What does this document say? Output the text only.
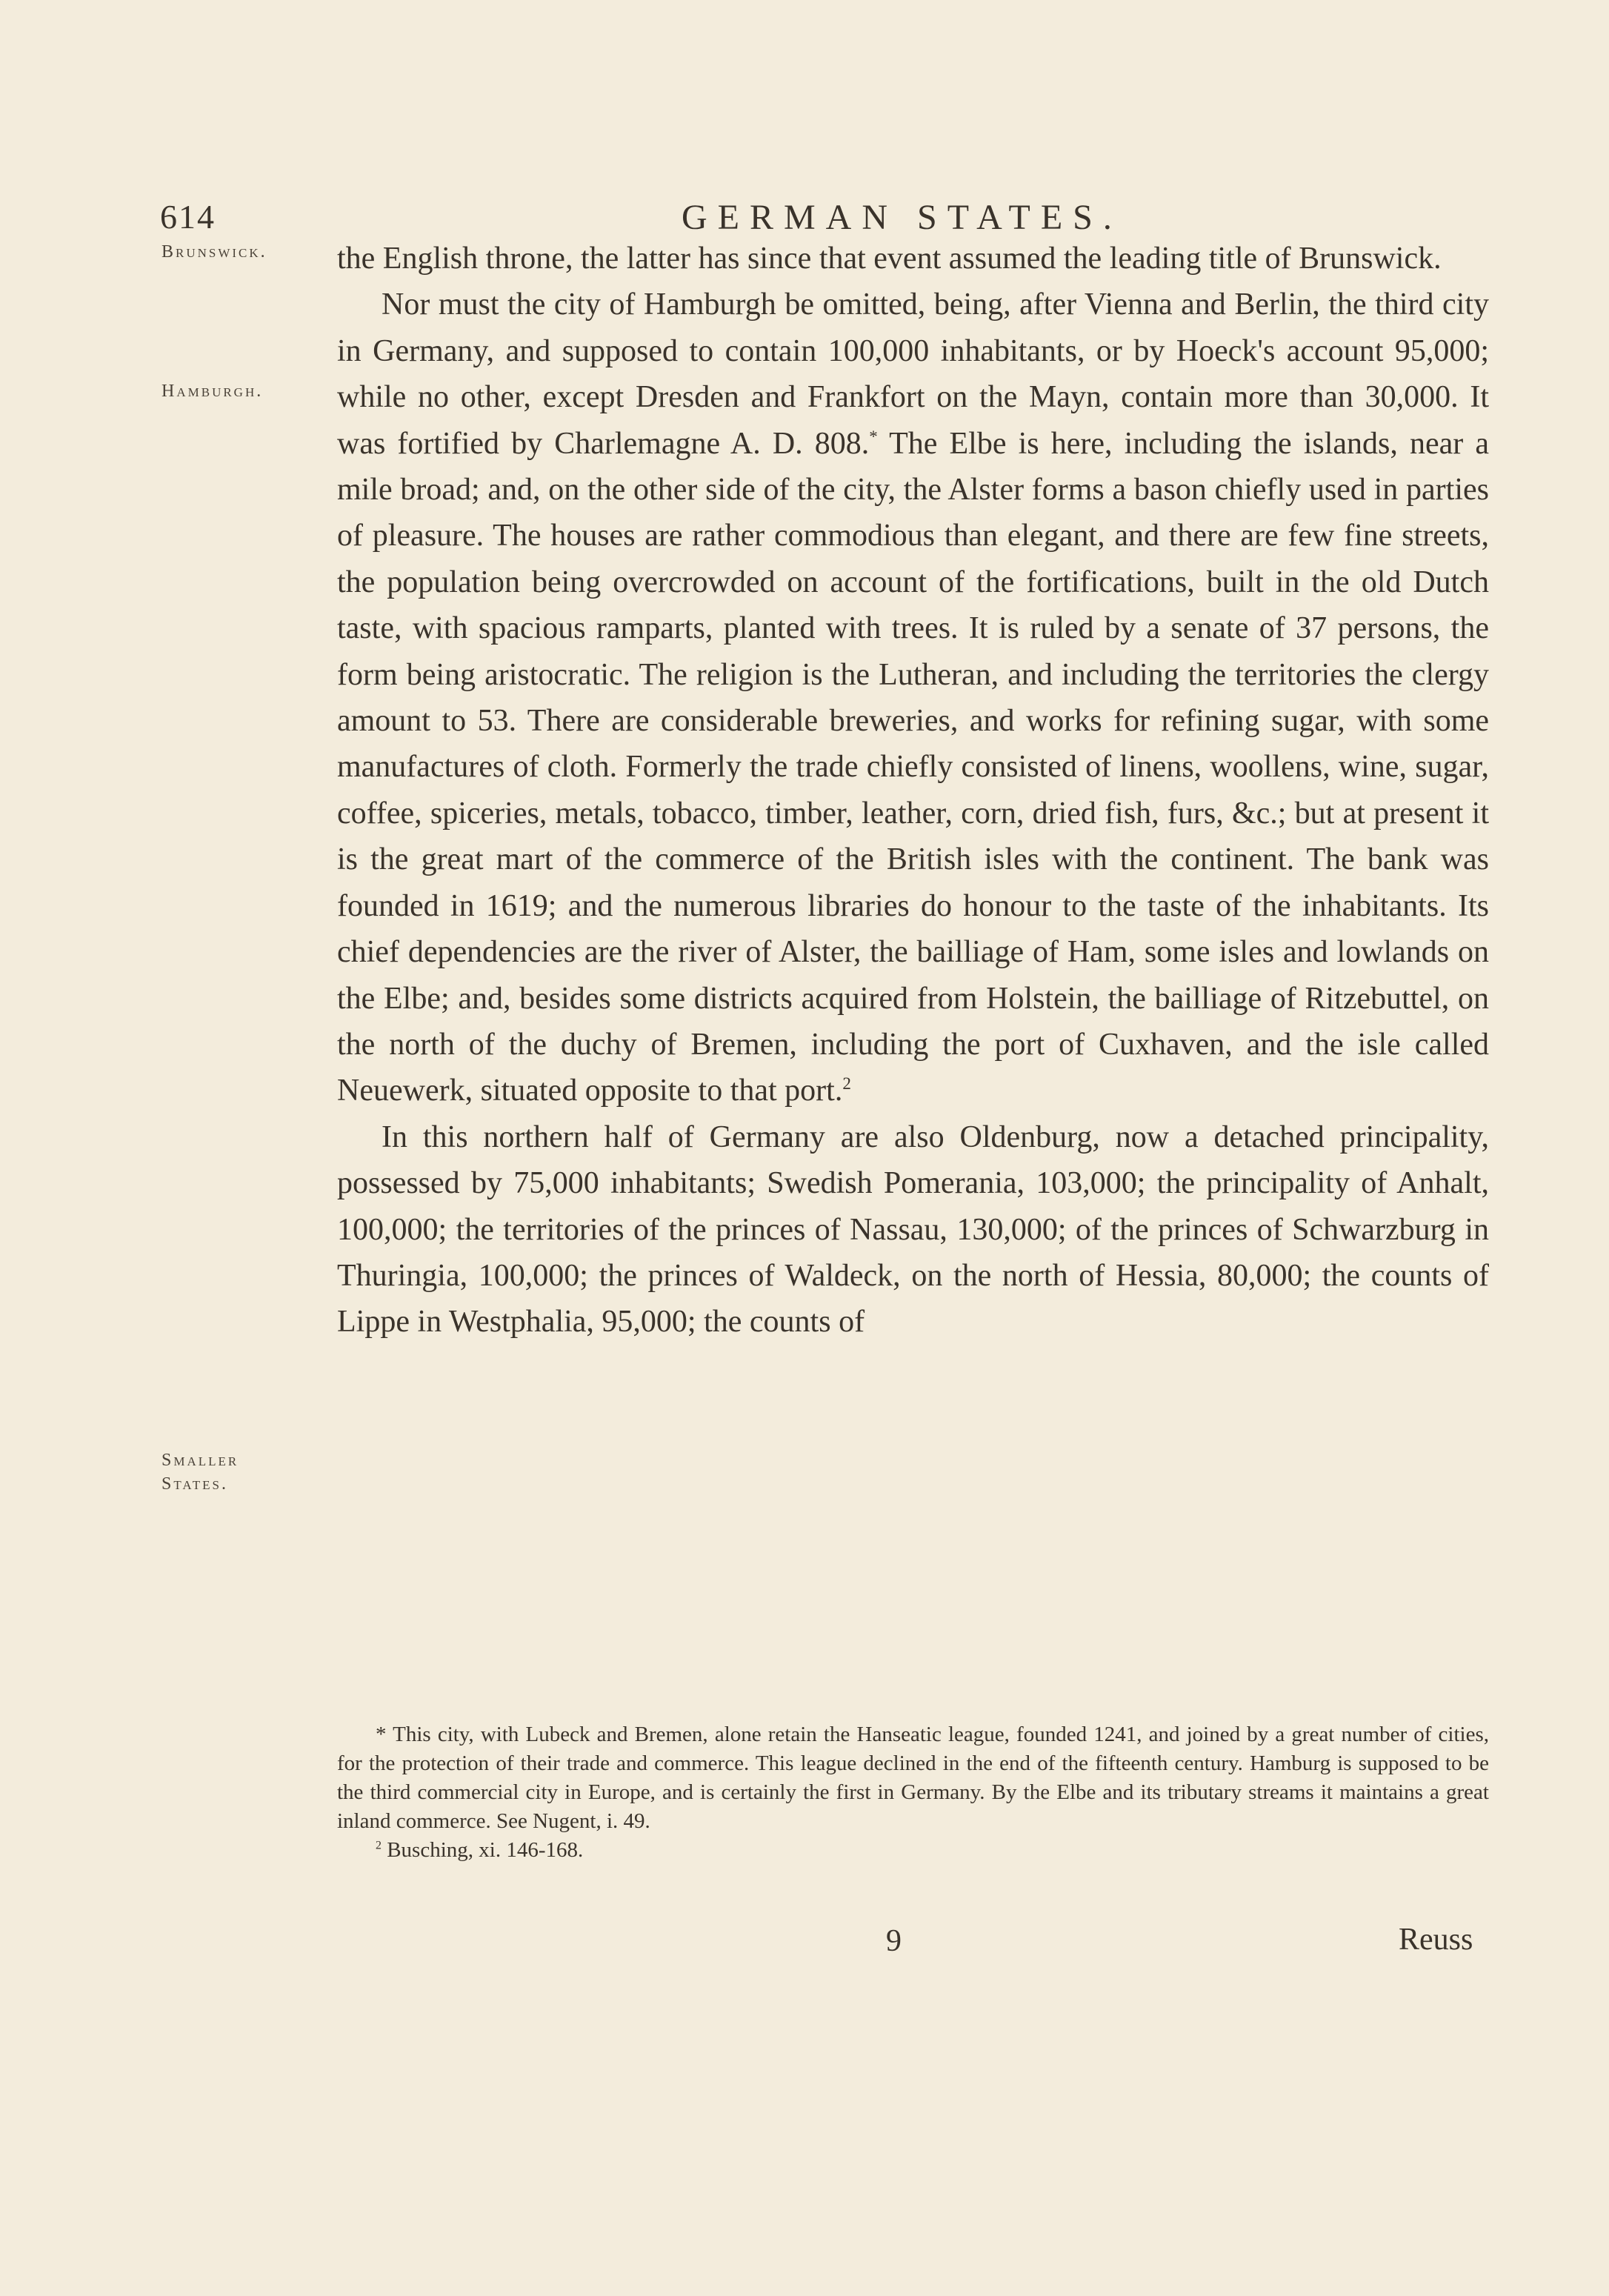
614	GERMAN STATES.
Brunswick.
Hamburgh.
Smaller
States.

the English throne, the latter has since that event assumed the leading title of Brunswick.

Nor must the city of Hamburgh be omitted, being, after Vienna and Berlin, the third city in Germany, and supposed to contain 100,000 inhabitants, or by Hoeck's account 95,000; while no other, except Dresden and Frankfort on the Mayn, contain more than 30,000. It was fortified by Charlemagne A. D. 808.* The Elbe is here, including the islands, near a mile broad; and, on the other side of the city, the Alster forms a bason chiefly used in parties of pleasure. The houses are rather commodious than elegant, and there are few fine streets, the population being overcrowded on account of the fortifications, built in the old Dutch taste, with spacious ramparts, planted with trees. It is ruled by a senate of 37 persons, the form being aristocratic. The religion is the Lutheran, and including the territories the clergy amount to 53. There are considerable breweries, and works for refining sugar, with some manufactures of cloth. Formerly the trade chiefly consisted of linens, woollens, wine, sugar, coffee, spiceries, metals, tobacco, timber, leather, corn, dried fish, furs, &c.; but at present it is the great mart of the commerce of the British isles with the continent. The bank was founded in 1619; and the numerous libraries do honour to the taste of the inhabitants. Its chief dependencies are the river of Alster, the bailliage of Ham, some isles and lowlands on the Elbe; and, besides some districts acquired from Holstein, the bailliage of Ritzebuttel, on the north of the duchy of Bremen, including the port of Cuxhaven, and the isle called Neuewerk, situated opposite to that port.$^2$

In this northern half of Germany are also Oldenburg, now a detached principality, possessed by 75,000 inhabitants; Swedish Pomerania, 103,000; the principality of Anhalt, 100,000; the territories of the princes of Nassau, 130,000; of the princes of Schwarzburg in Thuringia, 100,000; the princes of Waldeck, on the north of Hessia, 80,000; the counts of Lippe in Westphalia, 95,000; the counts of

* This city, with Lubeck and Bremen, alone retain the Hanseatic league, founded 1241, and joined by a great number of cities, for the protection of their trade and commerce. This league declined in the end of the fifteenth century. Hamburg is supposed to be the third commercial city in Europe, and is certainly the first in Germany. By the Elbe and its tributary streams it maintains a great inland commerce. See Nugent, i. 49.

$^2$ Busching, xi. 146-168.

9	Reuss
